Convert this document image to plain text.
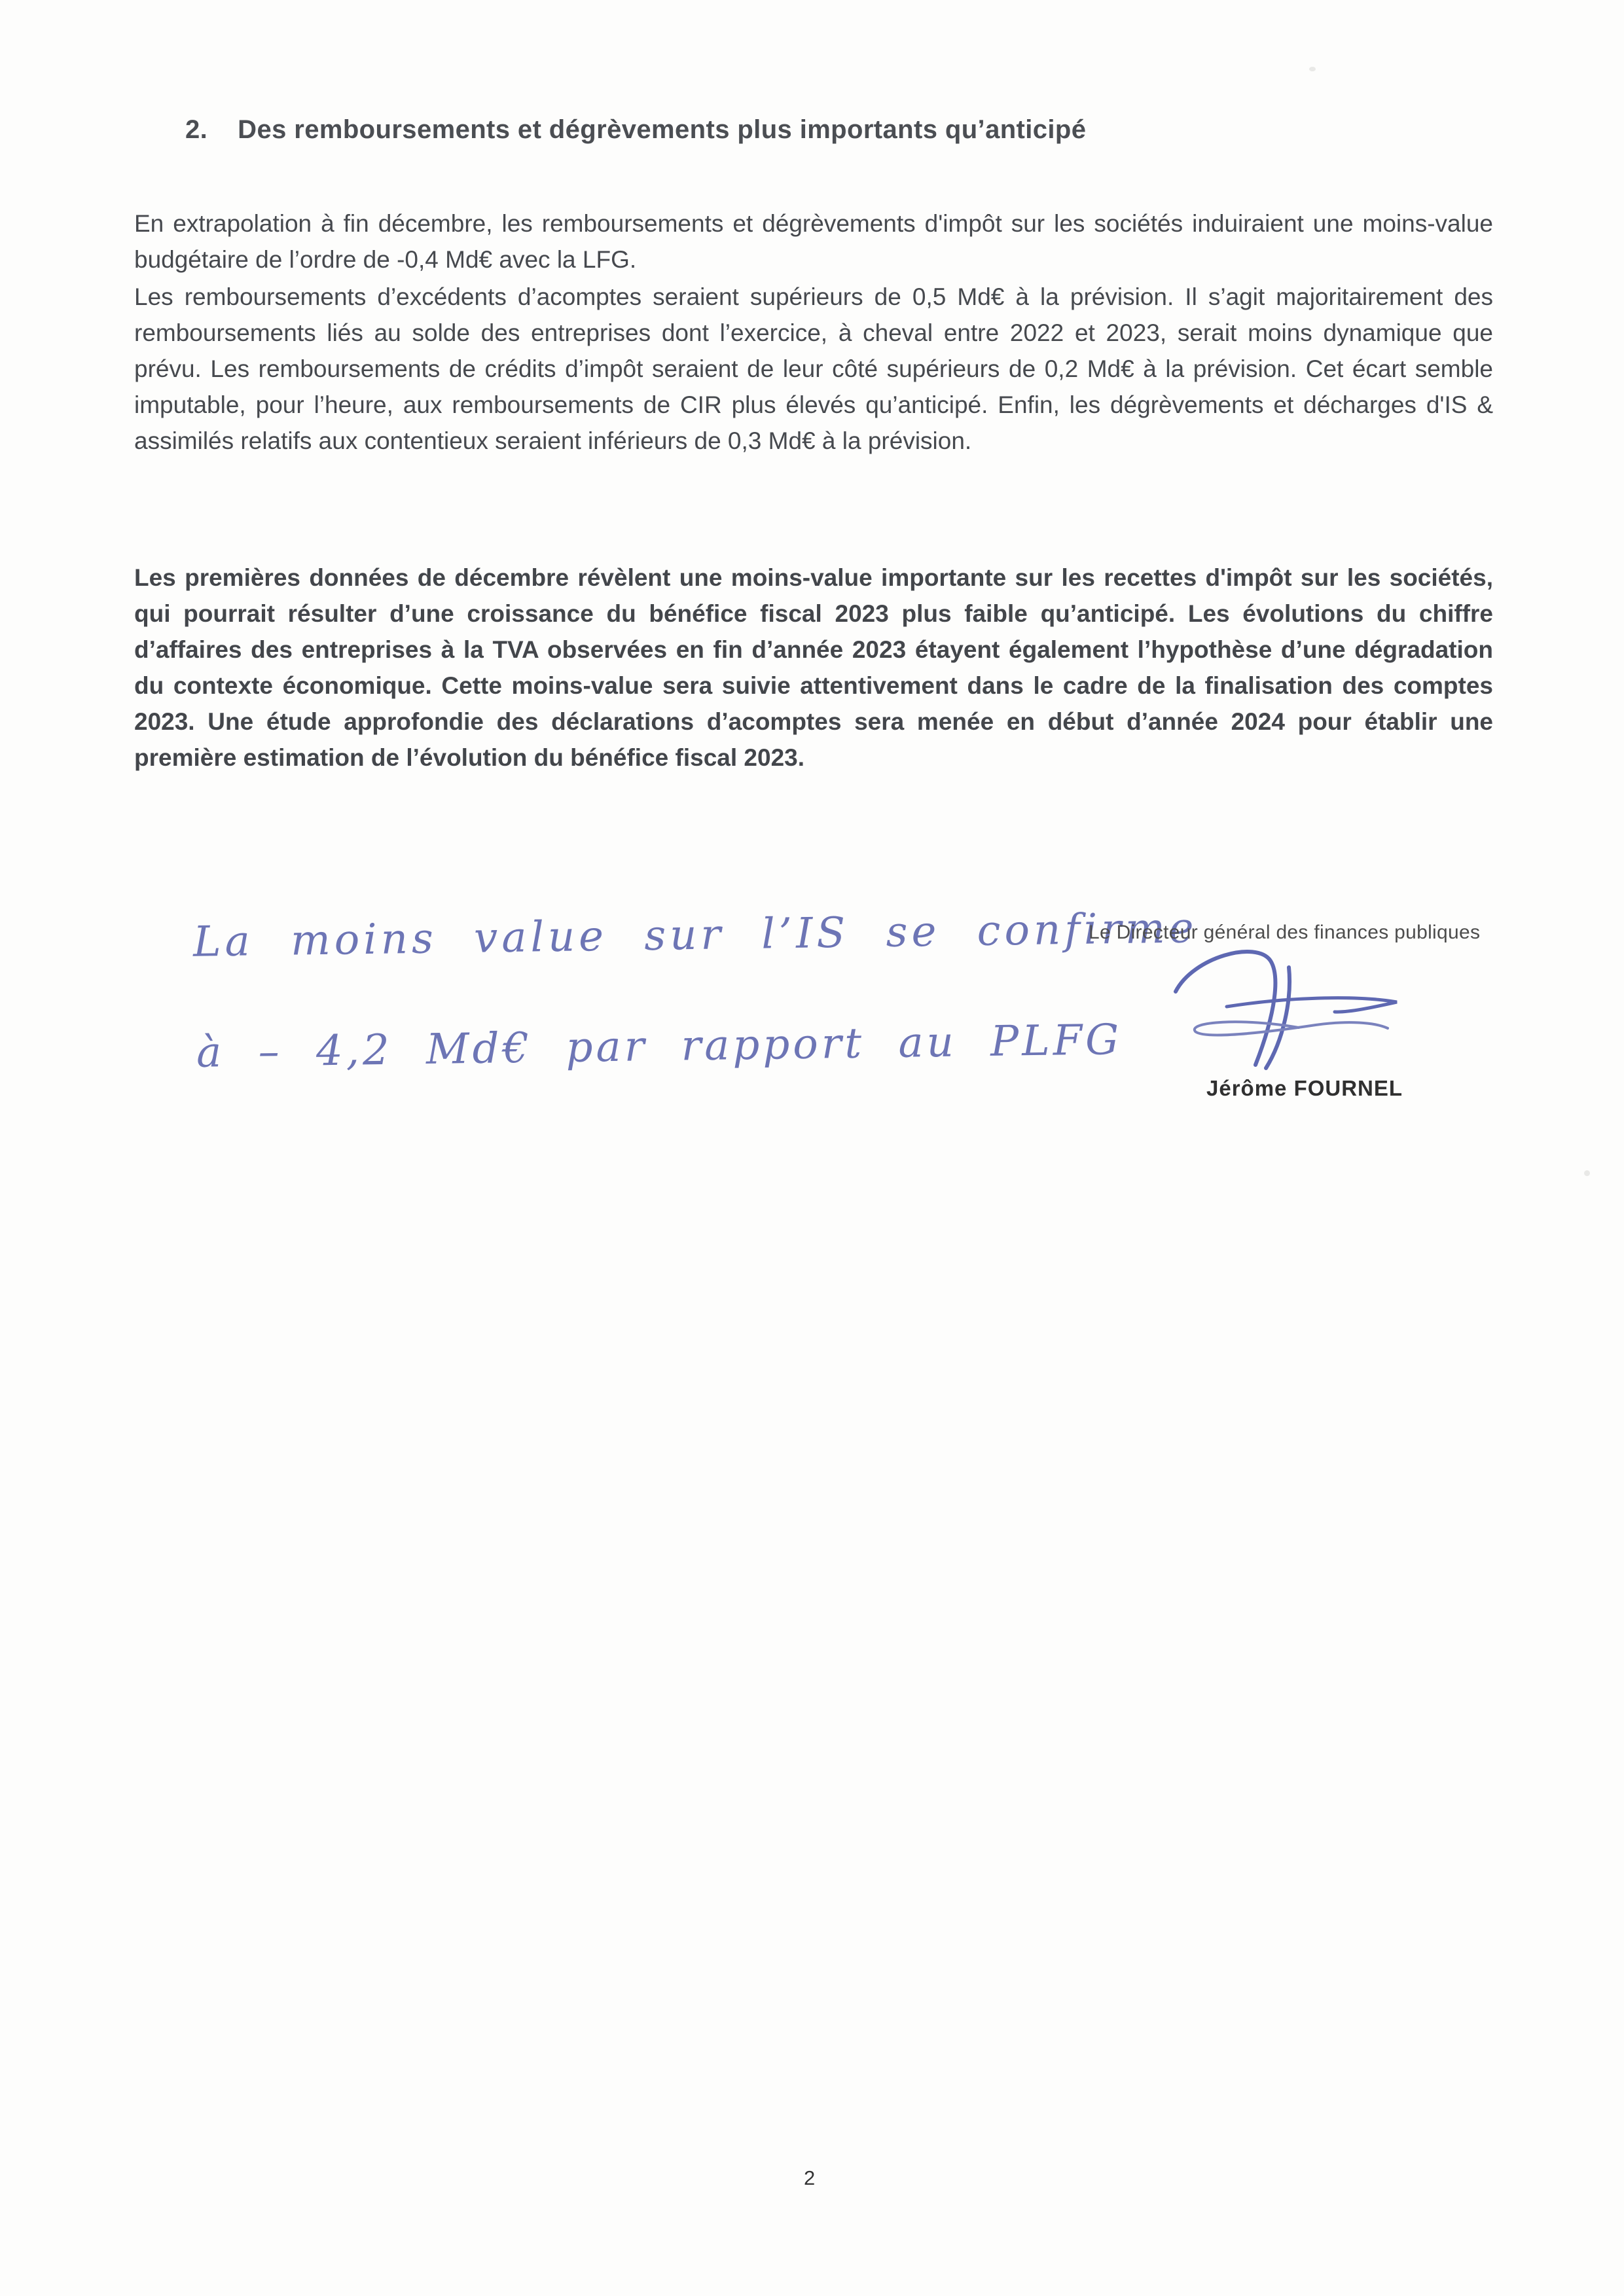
2. Des remboursements et dégrèvements plus importants qu’anticipé

En extrapolation à fin décembre, les remboursements et dégrèvements d'impôt sur les sociétés induiraient une moins-value budgétaire de l’ordre de -0,4 Md€ avec la LFG.

Les remboursements d’excédents d’acomptes seraient supérieurs de 0,5 Md€ à la prévision. Il s’agit majoritairement des remboursements liés au solde des entreprises dont l’exercice, à cheval entre 2022 et 2023, serait moins dynamique que prévu. Les remboursements de crédits d’impôt seraient de leur côté supérieurs de 0,2 Md€ à la prévision. Cet écart semble imputable, pour l’heure, aux remboursements de CIR plus élevés qu’anticipé. Enfin, les dégrèvements et décharges d'IS & assimilés relatifs aux contentieux seraient inférieurs de 0,3 Md€ à la prévision.

Les premières données de décembre révèlent une moins-value importante sur les recettes d'impôt sur les sociétés, qui pourrait résulter d’une croissance du bénéfice fiscal 2023 plus faible qu’anticipé. Les évolutions du chiffre d’affaires des entreprises à la TVA observées en fin d’année 2023 étayent également l’hypothèse d’une dégradation du contexte économique. Cette moins-value sera suivie attentivement dans le cadre de la finalisation des comptes 2023. Une étude approfondie des déclarations d’acomptes sera menée en début d’année 2024 pour établir une première estimation de l’évolution du bénéfice fiscal 2023.

La moins value sur l’IS se confirme
à – 4,2 Md€ par rapport au PLFG
Le Directeur général des finances publiques
Jérôme FOURNEL
2
